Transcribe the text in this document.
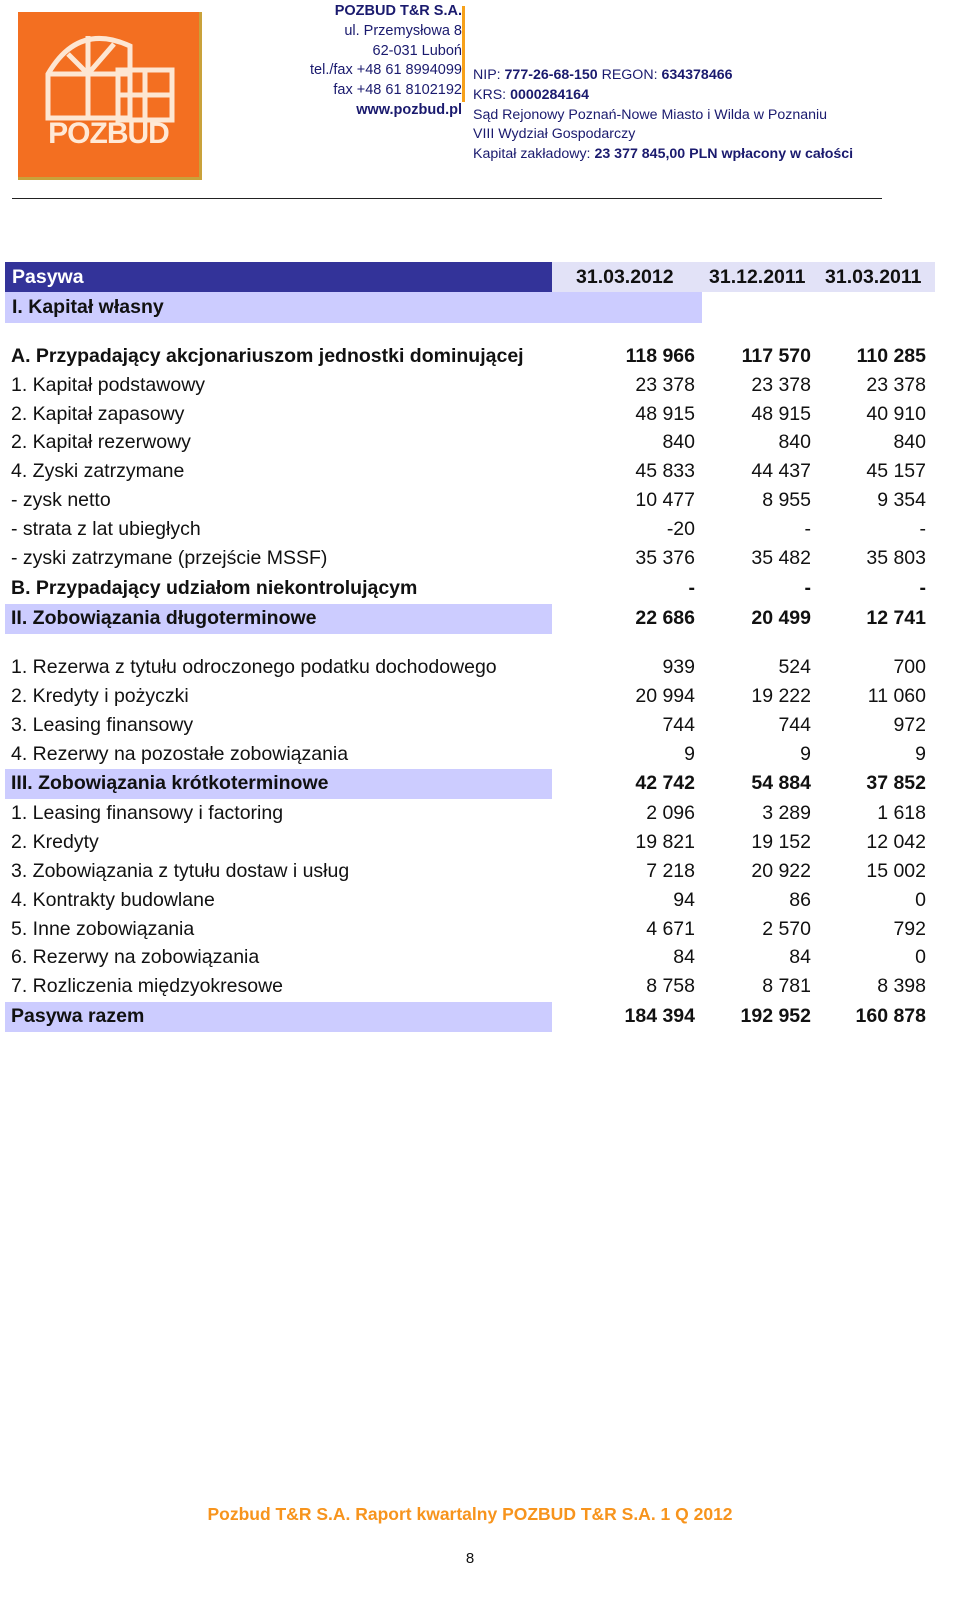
POZBUD
POZBUD T&R S.A.
ul. Przemysłowa 8
62-031 Luboń
tel./fax +48 61 8994099
fax +48 61 8102192
www.pozbud.pl
NIP: 777-26-68-150 REGON: 634378466
KRS: 0000284164
Sąd Rejonowy Poznań-Nowe Miasto i Wilda w Poznaniu
VIII Wydział Gospodarczy
Kapitał zakładowy: 23 377 845,00 PLN wpłacony w całości
Pasywa	31.03.2012 31.12.2011 31.03.2011
I. Kapitał własny
A. Przypadający akcjonariuszom jednostki dominującej	118 966	117 570	110 285
1. Kapitał podstawowy	23 378	23 378	23 378
2. Kapitał zapasowy	48 915	48 915	40 910
2. Kapitał rezerwowy	840	840	840
4. Zyski zatrzymane	45 833	44 437	45 157
- zysk netto	10 477	8 955	9 354
- strata z lat ubiegłych	-20	-	-
- zyski zatrzymane (przejście MSSF)	35 376	35 482	35 803
B. Przypadający udziałom niekontrolującym	-	-	-
II. Zobowiązania długoterminowe	22 686	20 499	12 741
1. Rezerwa z tytułu odroczonego podatku dochodowego	939	524	700
2. Kredyty i pożyczki	20 994	19 222	11 060
3. Leasing finansowy	744	744	972
4. Rezerwy na pozostałe zobowiązania	9	9	9
III. Zobowiązania krótkoterminowe	42 742	54 884	37 852
1. Leasing finansowy i factoring	2 096	3 289	1 618
2. Kredyty	19 821	19 152	12 042
3. Zobowiązania z tytułu dostaw i usług	7 218	20 922	15 002
4. Kontrakty budowlane	94	86	0
5. Inne zobowiązania	4 671	2 570	792
6. Rezerwy na zobowiązania	84	84	0
7. Rozliczenia międzyokresowe	8 758	8 781	8 398
Pasywa razem	184 394	192 952	160 878
Pozbud T&R S.A. Raport kwartalny POZBUD T&R S.A. 1 Q 2012
8
